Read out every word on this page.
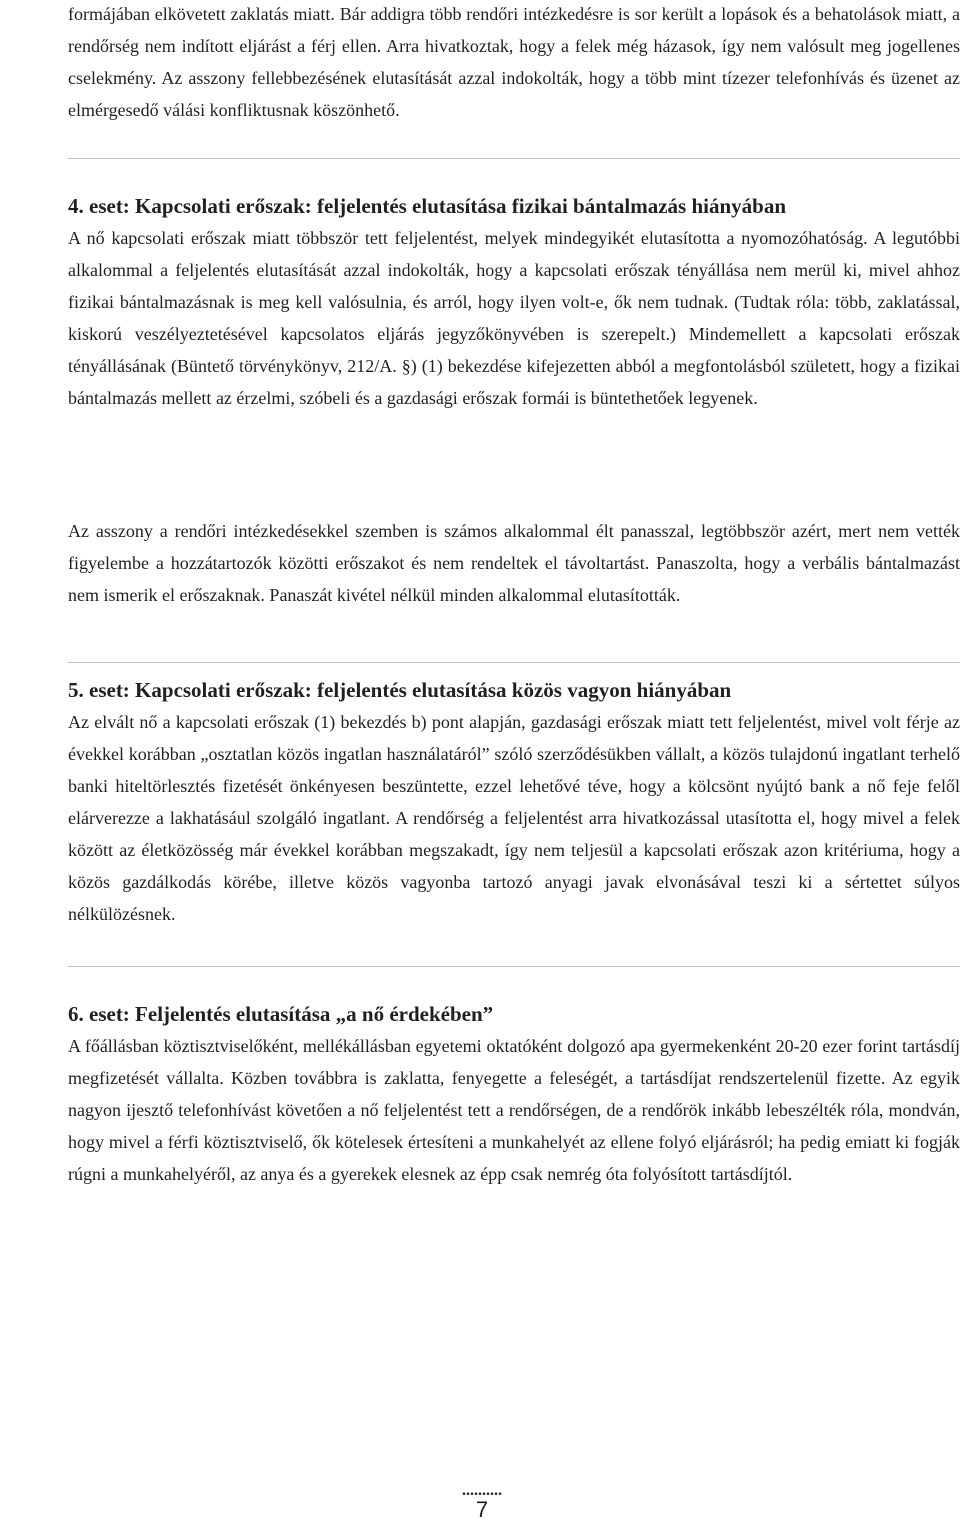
formájában elkövetett zaklatás miatt. Bár addigra több rendőri intézkedésre is sor került a lopások és a behatolások miatt, a rendőrség nem indított eljárást a férj ellen. Arra hivatkoztak, hogy a felek még házasok, így nem valósult meg jogellenes cselekmény. Az asszony fellebbezésének elutasítását azzal indokolták, hogy a több mint tízezer telefonhívás és üzenet az elmérgesedő válási konfliktusnak köszönhető.

4. eset: Kapcsolati erőszak: feljelentés elutasítása fizikai bántalmazás hiányában

A nő kapcsolati erőszak miatt többször tett feljelentést, melyek mindegyikét elutasította a nyomozóhatóság. A legutóbbi alkalommal a feljelentés elutasítását azzal indokolták, hogy a kapcsolati erőszak tényállása nem merül ki, mivel ahhoz fizikai bántalmazásnak is meg kell valósulnia, és arról, hogy ilyen volt-e, ők nem tudnak. (Tudtak róla: több, zaklatással, kiskorú veszélyeztetésével kapcsolatos eljárás jegyzőkönyvében is szerepelt.) Mindemellett a kapcsolati erőszak tényállásának (Büntető törvénykönyv, 212/A. §) (1) bekezdése kifejezetten abból a megfontolásból született, hogy a fizikai bántalmazás mellett az érzelmi, szóbeli és a gazdasági erőszak formái is büntethetőek legyenek.

Az asszony a rendőri intézkedésekkel szemben is számos alkalommal élt panasszal, legtöbbször azért, mert nem vették figyelembe a hozzátartozók közötti erőszakot és nem rendeltek el távoltartást. Panaszolta, hogy a verbális bántalmazást nem ismerik el erőszaknak. Panaszát kivétel nélkül minden alkalommal elutasították.

5. eset: Kapcsolati erőszak: feljelentés elutasítása közös vagyon hiányában

Az elvált nő a kapcsolati erőszak (1) bekezdés b) pont alapján, gazdasági erőszak miatt tett feljelentést, mivel volt férje az évekkel korábban „osztatlan közös ingatlan használatáról” szóló szerződésükben vállalt, a közös tulajdonú ingatlant terhelő banki hiteltörlesztés fizetését önkényesen beszüntette, ezzel lehetővé téve, hogy a kölcsönt nyújtó bank a nő feje felől elárverezze a lakhatásául szolgáló ingatlant. A rendőrség a feljelentést arra hivatkozással utasította el, hogy mivel a felek között az életközösség már évekkel korábban megszakadt, így nem teljesül a kapcsolati erőszak azon kritériuma, hogy a közös gazdálkodás körébe, illetve közös vagyonba tartozó anyagi javak elvonásával teszi ki a sértettet súlyos nélkülözésnek.

6. eset: Feljelentés elutasítása „a nő érdekében”

A főállásban köztisztviselőként, mellékállásban egyetemi oktatóként dolgozó apa gyermekenként 20-20 ezer forint tartásdíj megfizetését vállalta. Közben továbbra is zaklatta, fenyegette a feleségét, a tartásdíjat rendszertelenül fizette. Az egyik nagyon ijesztő telefonhívást követően a nő feljelentést tett a rendőrségen, de a rendőrök inkább lebeszélték róla, mondván, hogy mivel a férfi köztisztviselő, ők kötelesek értesíteni a munkahelyét az ellene folyó eljárásról; ha pedig emiatt ki fogják rúgni a munkahelyéről, az anya és a gyerekek elesnek az épp csak nemrég óta folyósított tartásdíjtól.

..........
7
